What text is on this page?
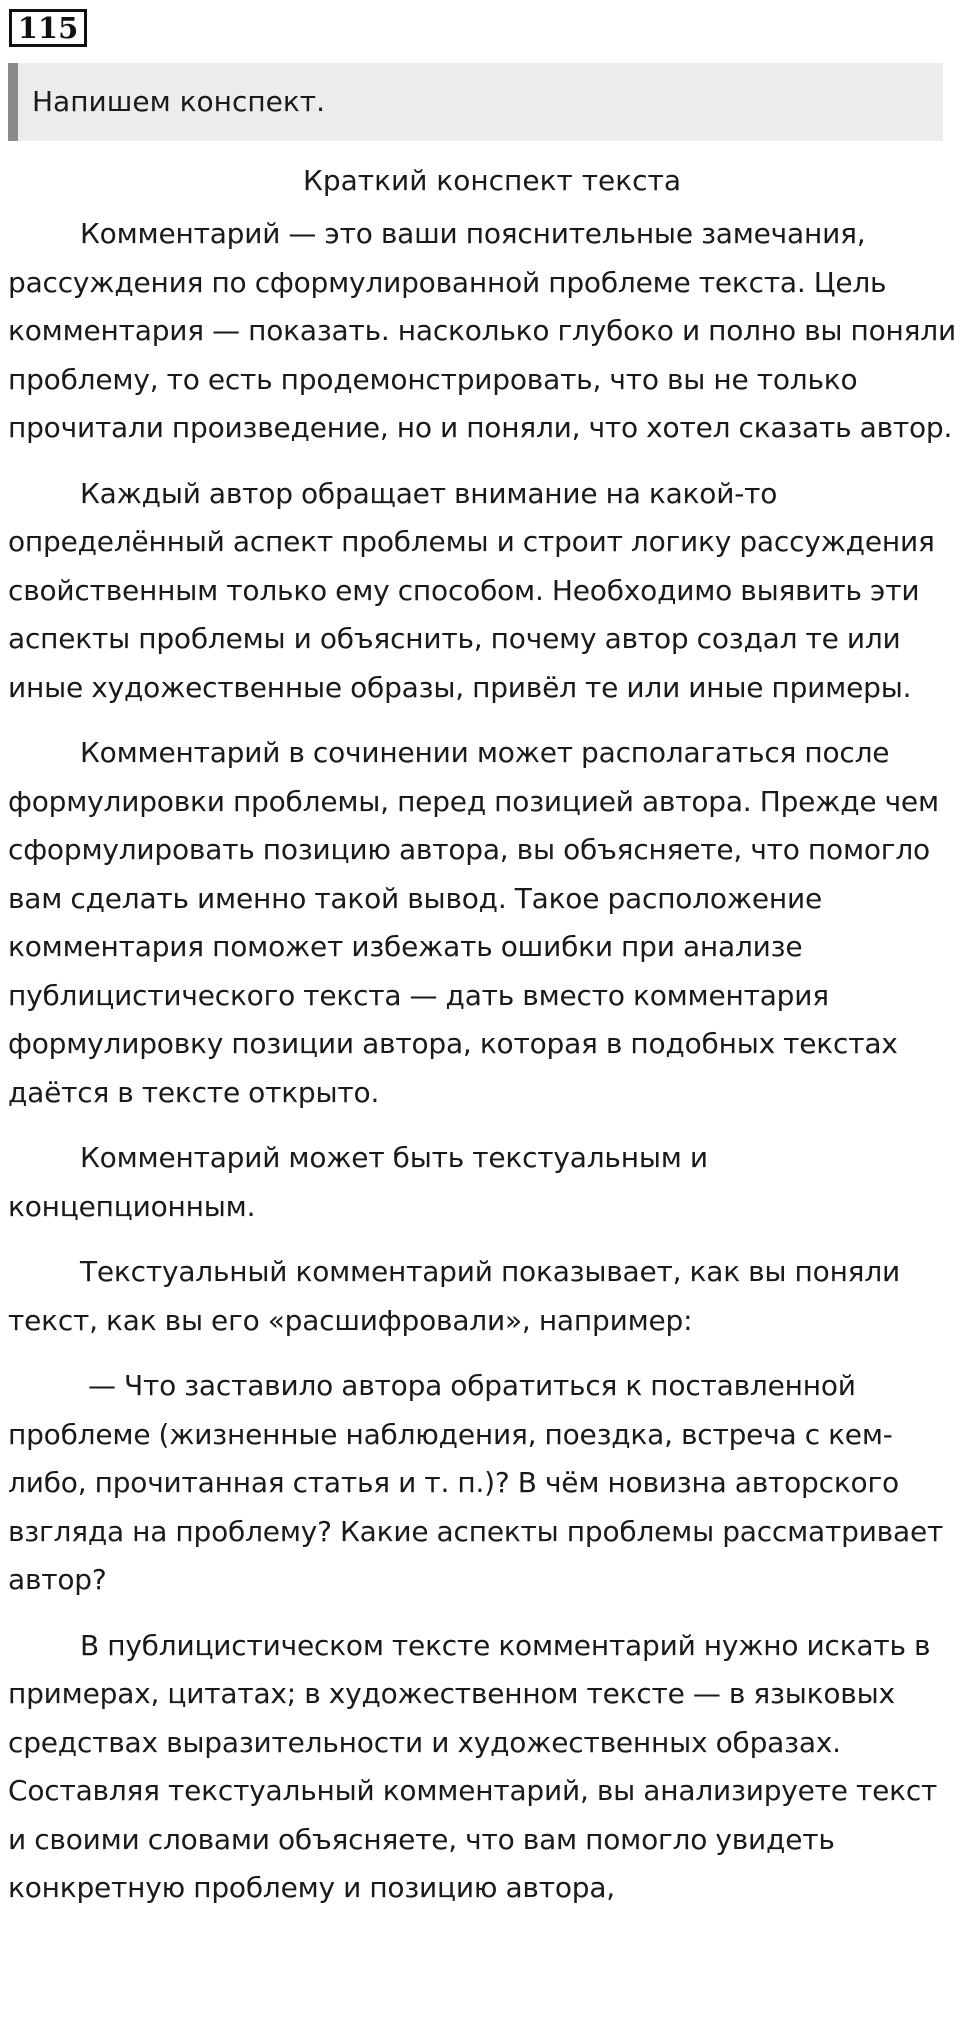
115
Напишем конспект.
Краткий конспект текста

Комментарий — это ваши пояснительные замечания, рассуждения по сформулированной проблеме текста. Цель комментария — показать. насколько глубоко и полно вы поняли проблему, то есть продемонстрировать, что вы не только прочитали произведение, но и поняли, что хотел сказать автор.

Каждый автор обращает внимание на какой-то определённый аспект проблемы и строит логику рассуждения свойственным только ему способом. Необходимо выявить эти аспекты проблемы и объяснить, почему автор создал те или иные художественные образы, привёл те или иные примеры.

Комментарий в сочинении может располагаться после формулировки проблемы, перед позицией автора. Прежде чем сформулировать позицию автора, вы объясняете, что помогло вам сделать именно такой вывод. Такое расположение комментария поможет избежать ошибки при анализе публицистического текста — дать вместо комментария формулировку позиции автора, которая в подобных текстах даётся в тексте открыто.

Комментарий может быть текстуальным и концепционным.

Текстуальный комментарий показывает, как вы поняли текст, как вы его «расшифровали», например:

— Что заставило автора обратиться к поставленной проблеме (жизненные наблюдения, поездка, встреча с кем-либо, прочитанная статья и т. п.)? В чём новизна авторского взгляда на проблему? Какие аспекты проблемы рассматривает автор?

В публицистическом тексте комментарий нужно искать в примерах, цитатах; в художественном тексте — в языковых средствах выразительности и художественных образах. Составляя текстуальный комментарий, вы анализируете текст и своими словами объясняете, что вам помогло увидеть конкретную проблему и позицию автора,
